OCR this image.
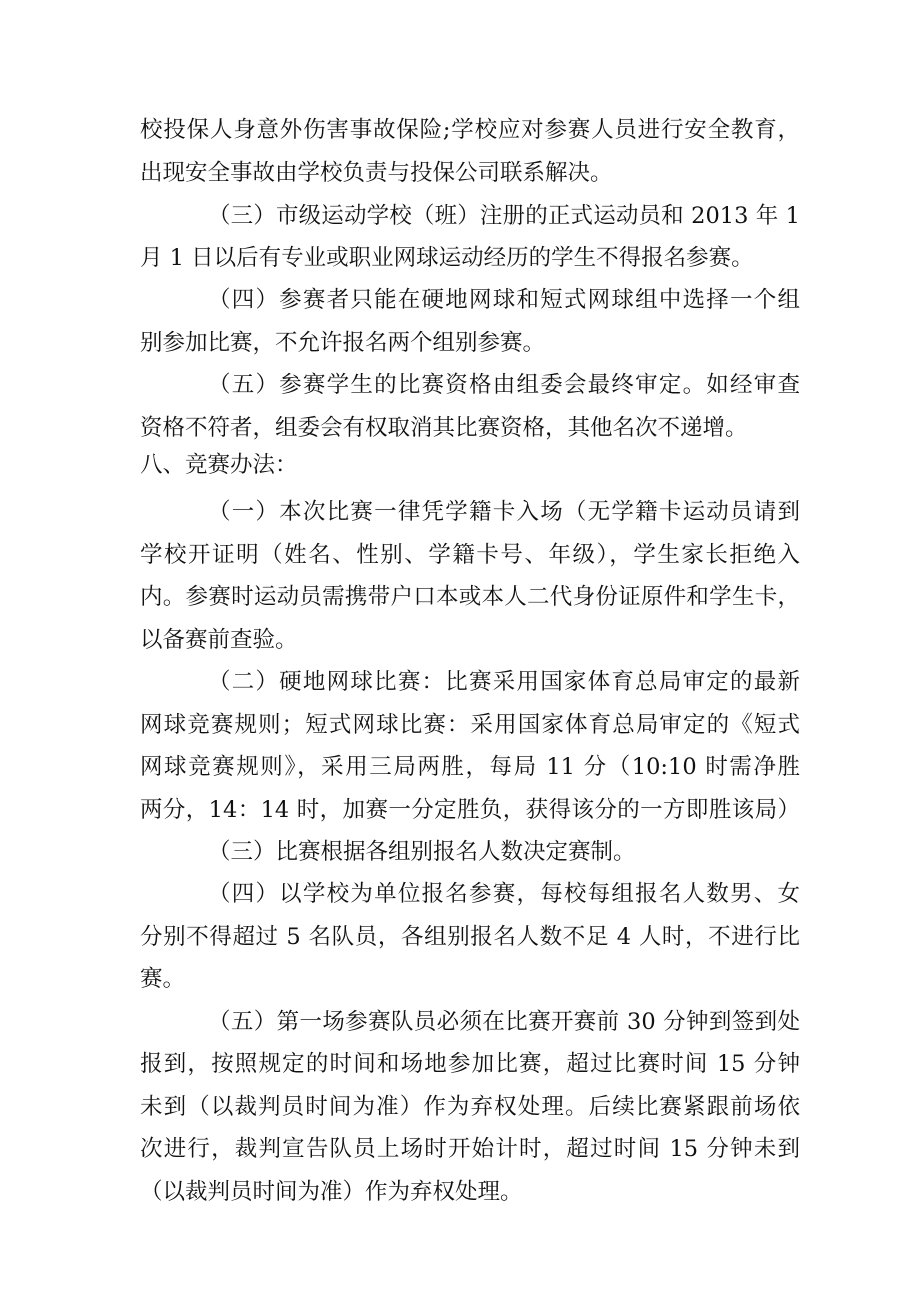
校投保人身意外伤害事故保险;学校应对参赛人员进行安全教育，
出现安全事故由学校负责与投保公司联系解决。
（三）市级运动学校（班）注册的正式运动员和 2013 年 1
月 1 日以后有专业或职业网球运动经历的学生不得报名参赛。
（四）参赛者只能在硬地网球和短式网球组中选择一个组
别参加比赛，不允许报名两个组别参赛。
（五）参赛学生的比赛资格由组委会最终审定。如经审查
资格不符者，组委会有权取消其比赛资格，其他名次不递增。
八、竞赛办法：
（一）本次比赛一律凭学籍卡入场（无学籍卡运动员请到
学校开证明（姓名、性别、学籍卡号、年级），学生家长拒绝入
内。参赛时运动员需携带户口本或本人二代身份证原件和学生卡，
以备赛前查验。
（二）硬地网球比赛：比赛采用国家体育总局审定的最新
网球竞赛规则；短式网球比赛：采用国家体育总局审定的《短式
网球竞赛规则》，采用三局两胜，每局 11 分（10:10 时需净胜
两分，14：14 时，加赛一分定胜负，获得该分的一方即胜该局）
（三）比赛根据各组别报名人数决定赛制。
（四）以学校为单位报名参赛，每校每组报名人数男、女
分别不得超过 5 名队员，各组别报名人数不足 4 人时，不进行比
赛。
（五）第一场参赛队员必须在比赛开赛前 30 分钟到签到处
报到，按照规定的时间和场地参加比赛，超过比赛时间 15 分钟
未到（以裁判员时间为准）作为弃权处理。后续比赛紧跟前场依
次进行，裁判宣告队员上场时开始计时，超过时间 15 分钟未到
（以裁判员时间为准）作为弃权处理。
